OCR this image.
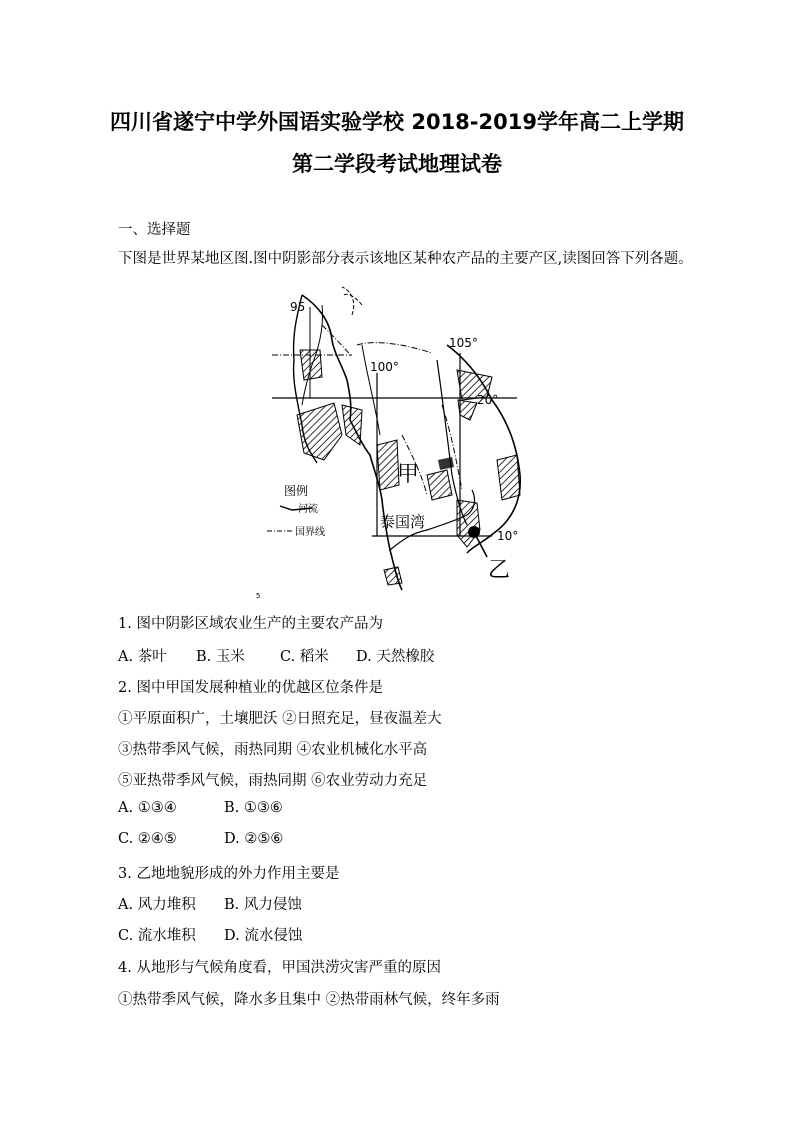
四川省遂宁中学外国语实验学校 2018-2019学年高二上学期
第二学段考试地理试卷
一、选择题
下图是世界某地区图.图中阴影部分表示该地区某种农产品的主要产区,读图回答下列各题。
95
100°
105°
20°
10°
甲
乙
泰国湾
图例
河流
国界线
5
1. 图中阴影区域农业生产的主要农产品为
A. 茶叶 B. 玉米 C. 稻米 D. 天然橡胶
2. 图中甲国发展种植业的优越区位条件是
①平原面积广，土壤肥沃 ②日照充足，昼夜温差大
③热带季风气候，雨热同期 ④农业机械化水平高
⑤亚热带季风气候，雨热同期 ⑥农业劳动力充足
A. ①③④	B. ①③⑥
C. ②④⑤	D. ②⑤⑥
3. 乙地地貌形成的外力作用主要是
A. 风力堆积 B. 风力侵蚀
C. 流水堆积 D. 流水侵蚀
4. 从地形与气候角度看，甲国洪涝灾害严重的原因
①热带季风气候，降水多且集中 ②热带雨林气候，终年多雨
